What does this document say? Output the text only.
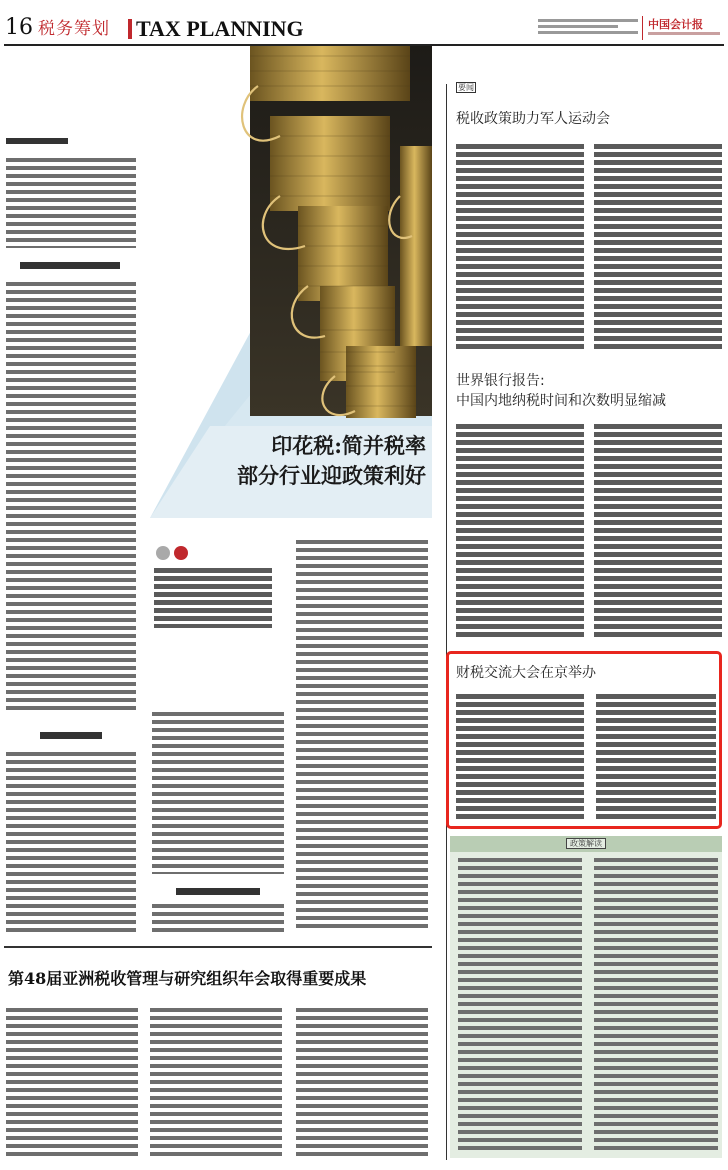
16 税务筹划 TAX PLANNING	中国会计报
印花税:简并税率
部分行业迎政策利好
要闻
税收政策助力军人运动会
世界银行报告:
中国内地纳税时间和次数明显缩减
财税交流大会在京举办
政策解读
第48届亚洲税收管理与研究组织年会取得重要成果
